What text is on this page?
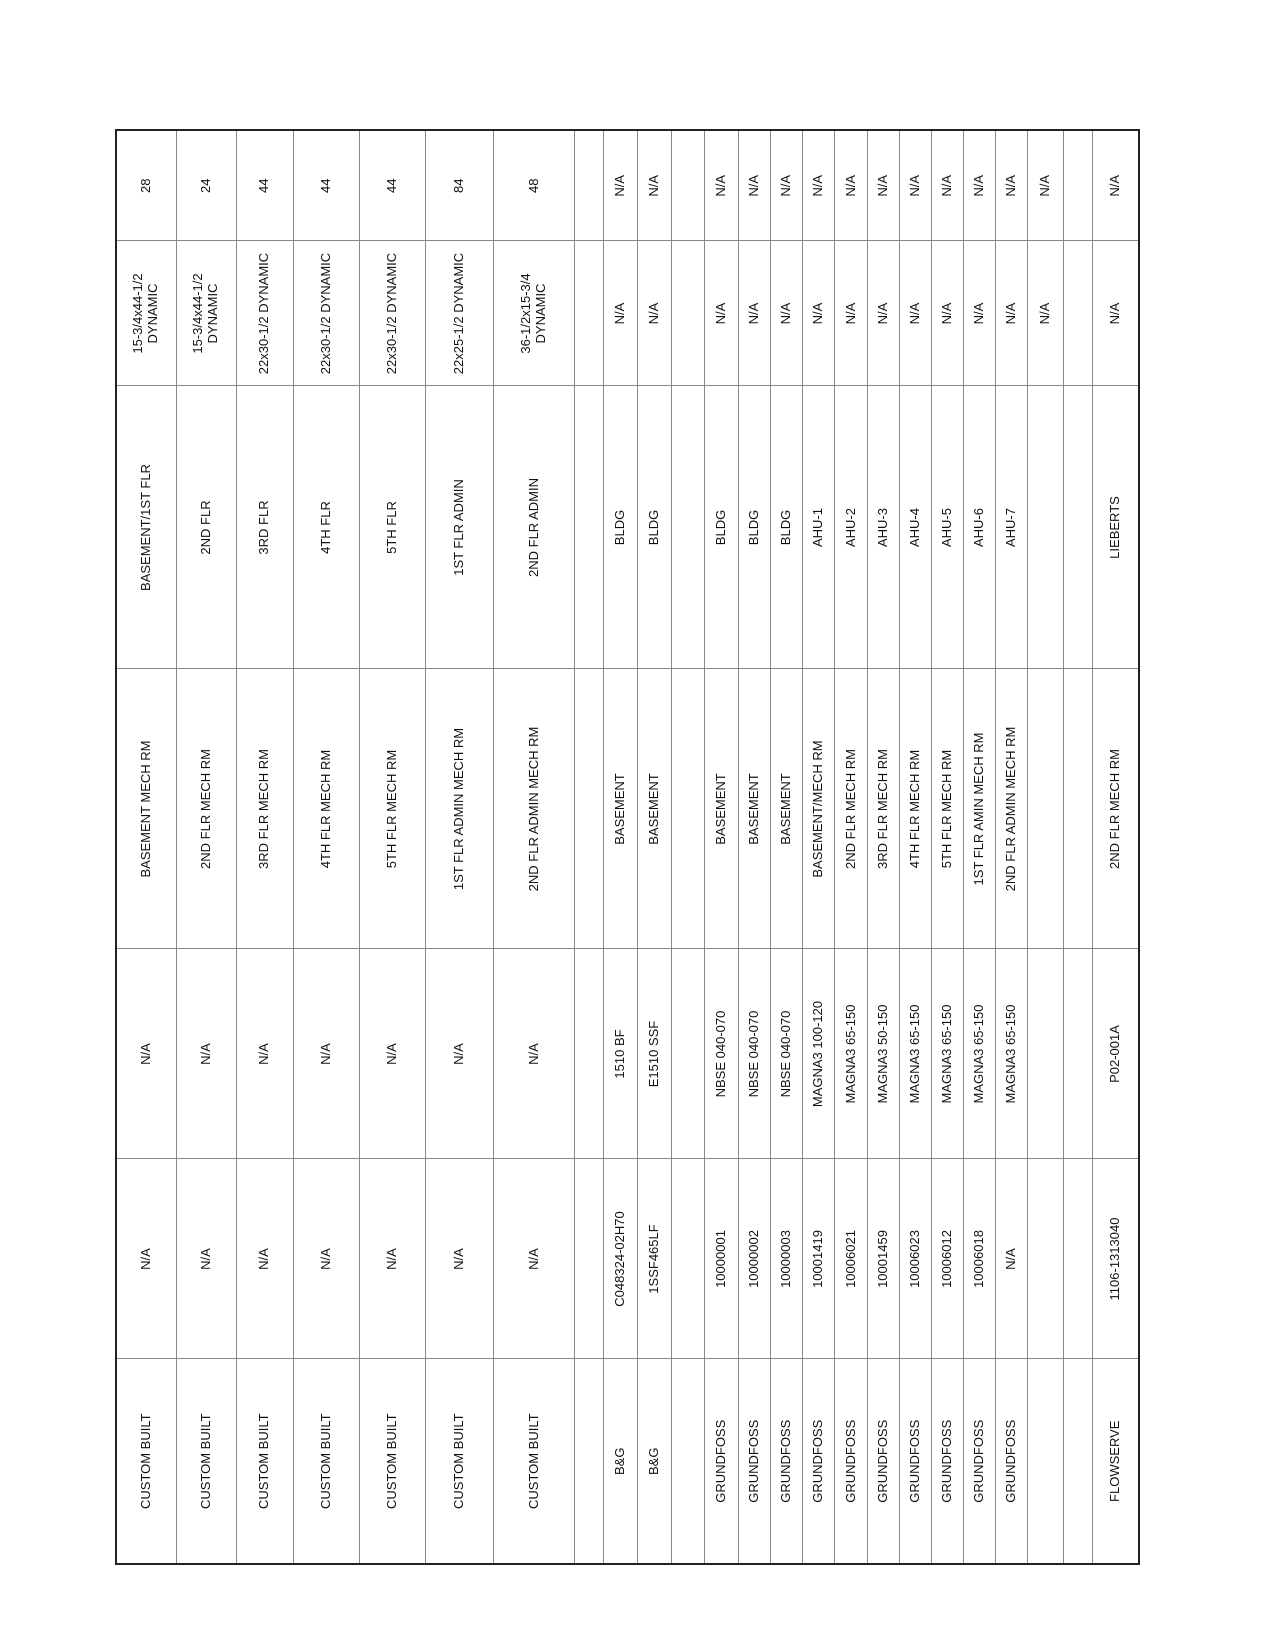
CUSTOM BUILT	N/A	N/A	BASEMENT MECH RM	BASEMENT/1ST FLR	15-3/4x44-1/2 DYNAMIC	28
CUSTOM BUILT	N/A	N/A	2ND FLR MECH RM	2ND FLR	15-3/4x44-1/2 DYNAMIC	24
CUSTOM BUILT	N/A	N/A	3RD FLR MECH RM	3RD FLR	22x30-1/2 DYNAMIC	44
CUSTOM BUILT	N/A	N/A	4TH FLR MECH RM	4TH FLR	22x30-1/2 DYNAMIC	44
CUSTOM BUILT	N/A	N/A	5TH FLR MECH RM	5TH FLR	22x30-1/2 DYNAMIC	44
CUSTOM BUILT	N/A	N/A	1ST FLR ADMIN MECH RM	1ST FLR ADMIN	22x25-1/2 DYNAMIC	84
CUSTOM BUILT	N/A	N/A	2ND FLR ADMIN MECH RM	2ND FLR ADMIN	36-1/2x15-3/4 DYNAMIC	48

B&G	C048324-02H70	1510 BF	BASEMENT	BLDG	N/A	N/A
B&G	1SSF465LF	E1510 SSF	BASEMENT	BLDG	N/A	N/A

GRUNDFOSS	10000001	NBSE 040-070	BASEMENT	BLDG	N/A	N/A
GRUNDFOSS	10000002	NBSE 040-070	BASEMENT	BLDG	N/A	N/A
GRUNDFOSS	10000003	NBSE 040-070	BASEMENT	BLDG	N/A	N/A
GRUNDFOSS	10001419	MAGNA3 100-120	BASEMENT/MECH RM	AHU-1	N/A	N/A
GRUNDFOSS	10006021	MAGNA3 65-150	2ND FLR MECH RM	AHU-2	N/A	N/A
GRUNDFOSS	10001459	MAGNA3 50-150	3RD FLR MECH RM	AHU-3	N/A	N/A
GRUNDFOSS	10006023	MAGNA3 65-150	4TH FLR MECH RM	AHU-4	N/A	N/A
GRUNDFOSS	10006012	MAGNA3 65-150	5TH FLR MECH RM	AHU-5	N/A	N/A
GRUNDFOSS	10006018	MAGNA3 65-150	1ST FLR AMIN MECH RM	AHU-6	N/A	N/A
GRUNDFOSS	N/A	MAGNA3 65-150	2ND FLR ADMIN MECH RM	AHU-7	N/A	N/A
					N/A	N/A

FLOWSERVE	1106-1313040	P02-001A	2ND FLR MECH RM	LIEBERTS	N/A	N/A
